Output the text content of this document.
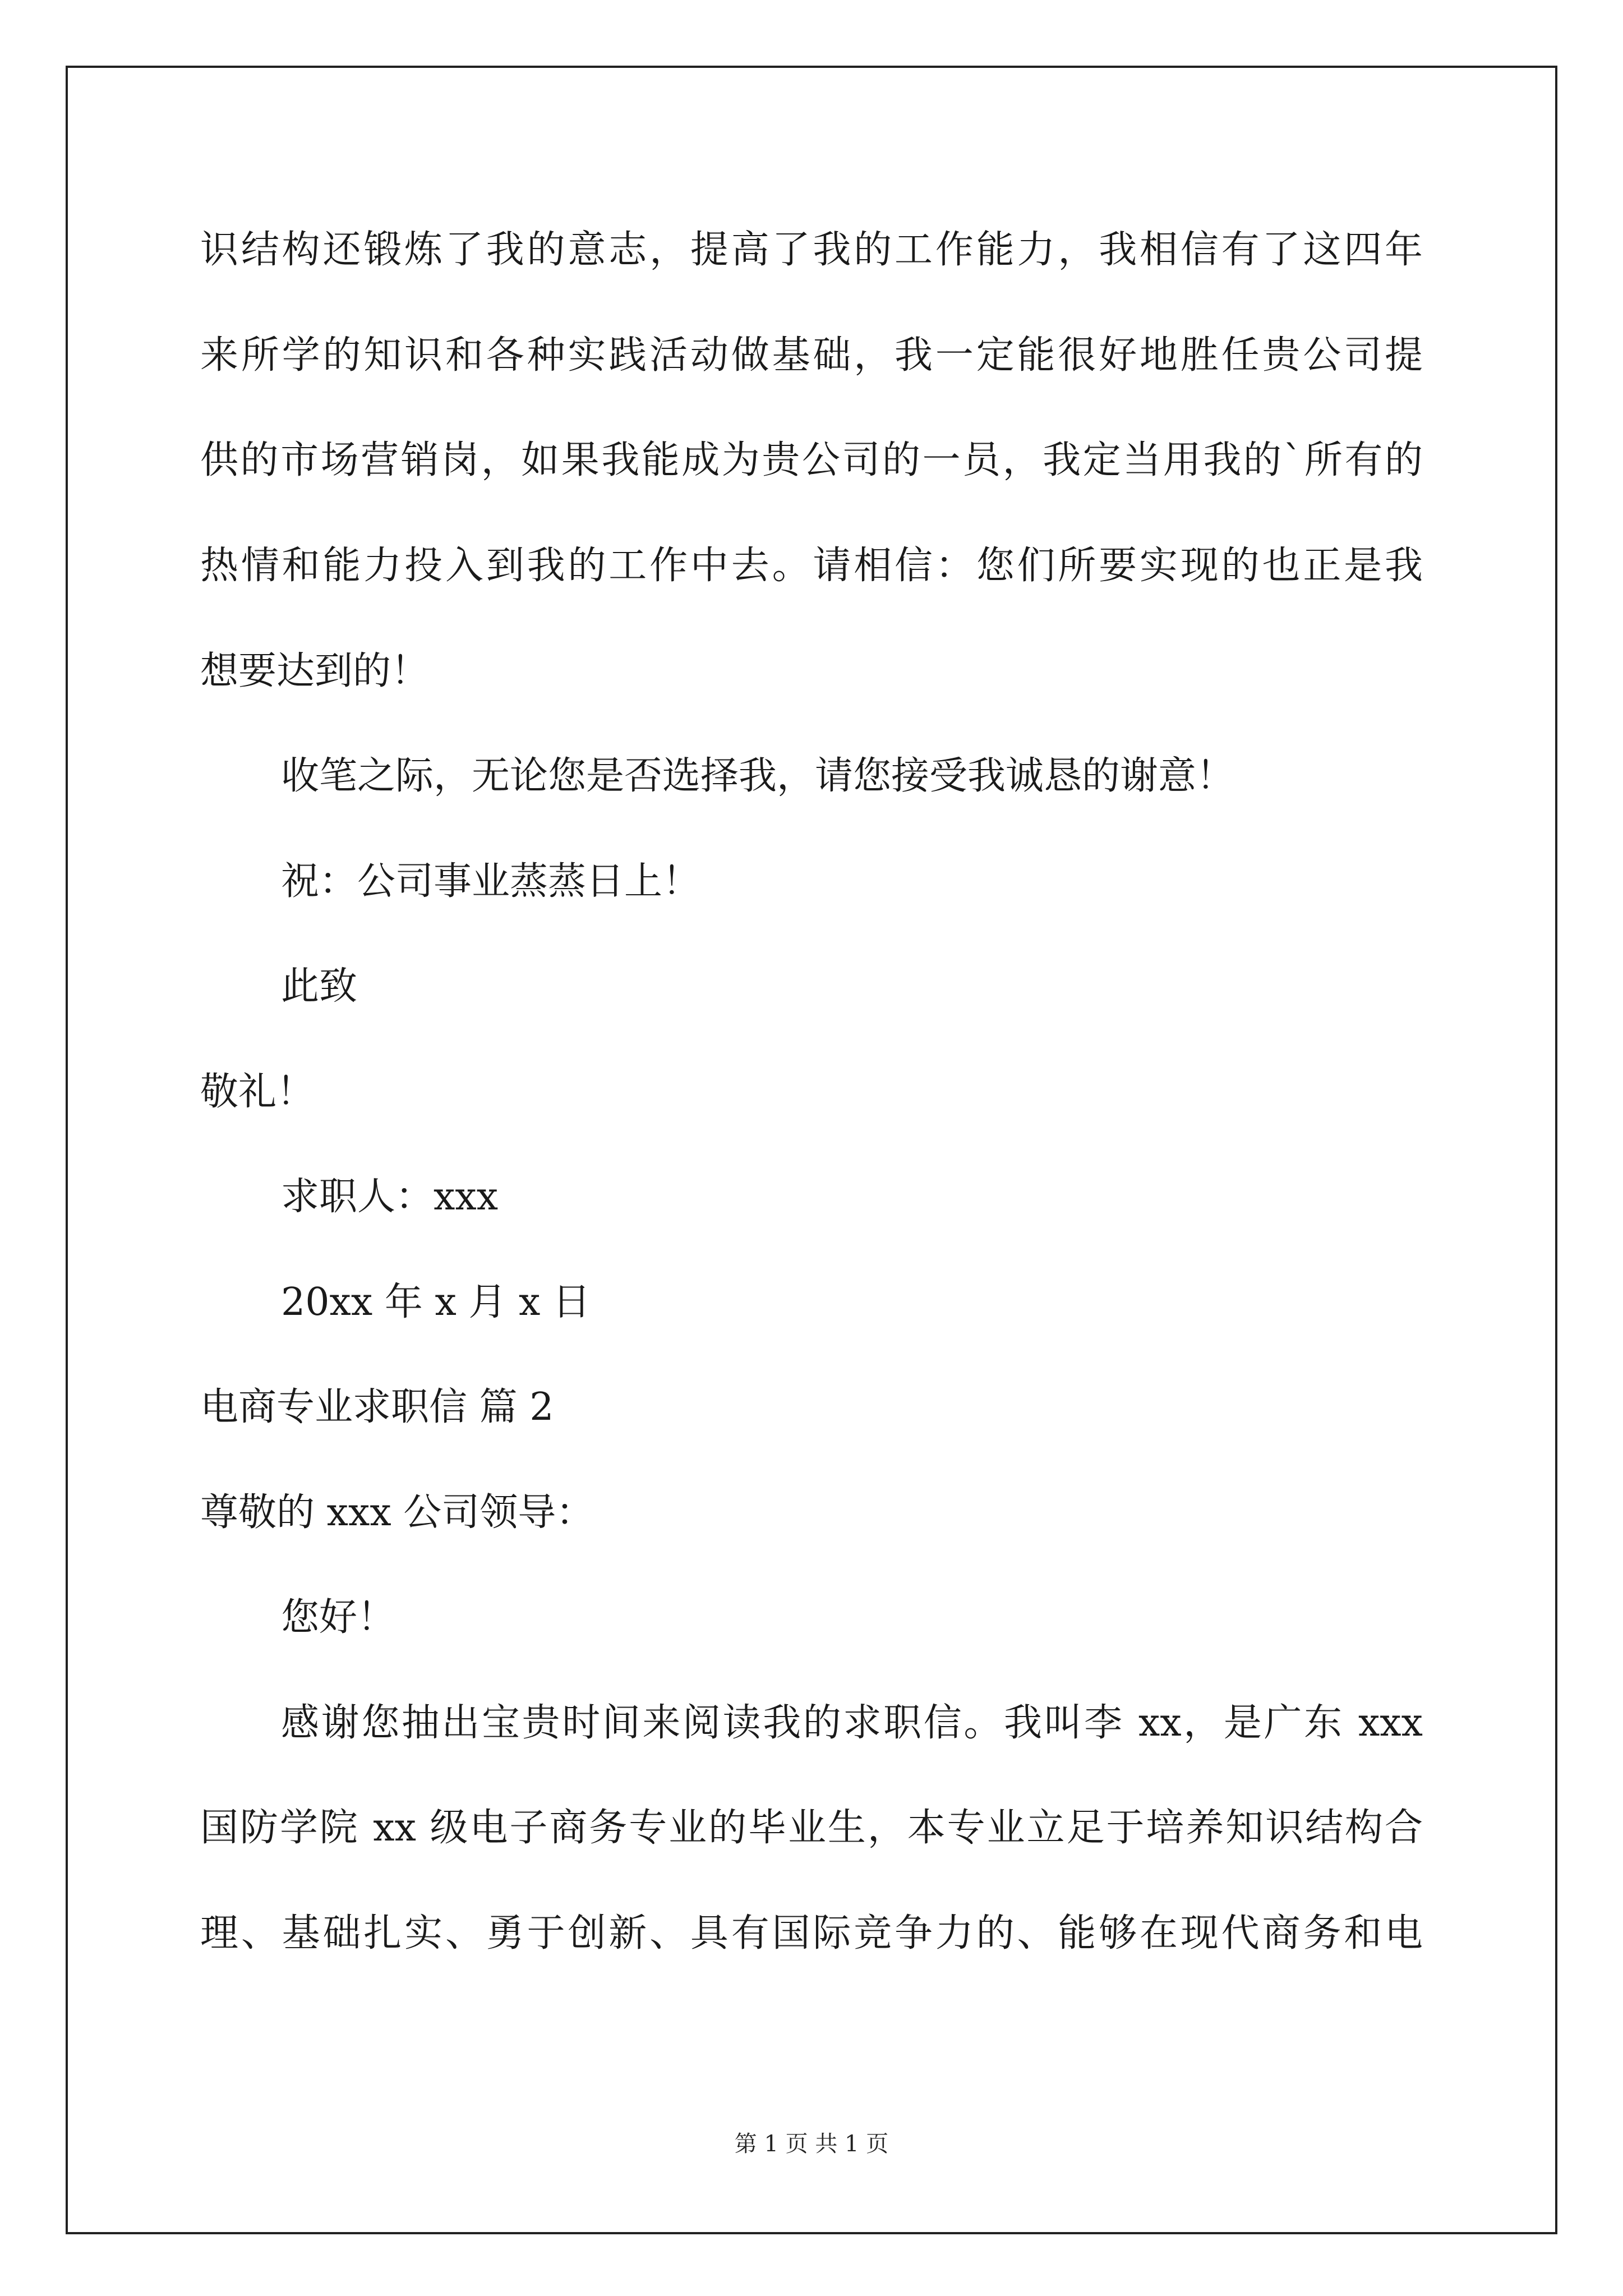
识结构还锻炼了我的意志，提高了我的工作能力，我相信有了这四年
来所学的知识和各种实践活动做基础，我一定能很好地胜任贵公司提
供的市场营销岗，如果我能成为贵公司的一员，我定当用我的`所有的
热情和能力投入到我的工作中去。请相信：您们所要实现的也正是我
想要达到的！
收笔之际，无论您是否选择我，请您接受我诚恳的谢意！
祝：公司事业蒸蒸日上！
此致
敬礼！
求职人：xxx
20xx 年 x 月 x 日
电商专业求职信 篇 2
尊敬的 xxx 公司领导：
您好！
感谢您抽出宝贵时间来阅读我的求职信。我叫李 xx，是广东 xxx
国防学院 xx 级电子商务专业的毕业生，本专业立足于培养知识结构合
理、基础扎实、勇于创新、具有国际竞争力的、能够在现代商务和电
第 1 页 共 1 页
